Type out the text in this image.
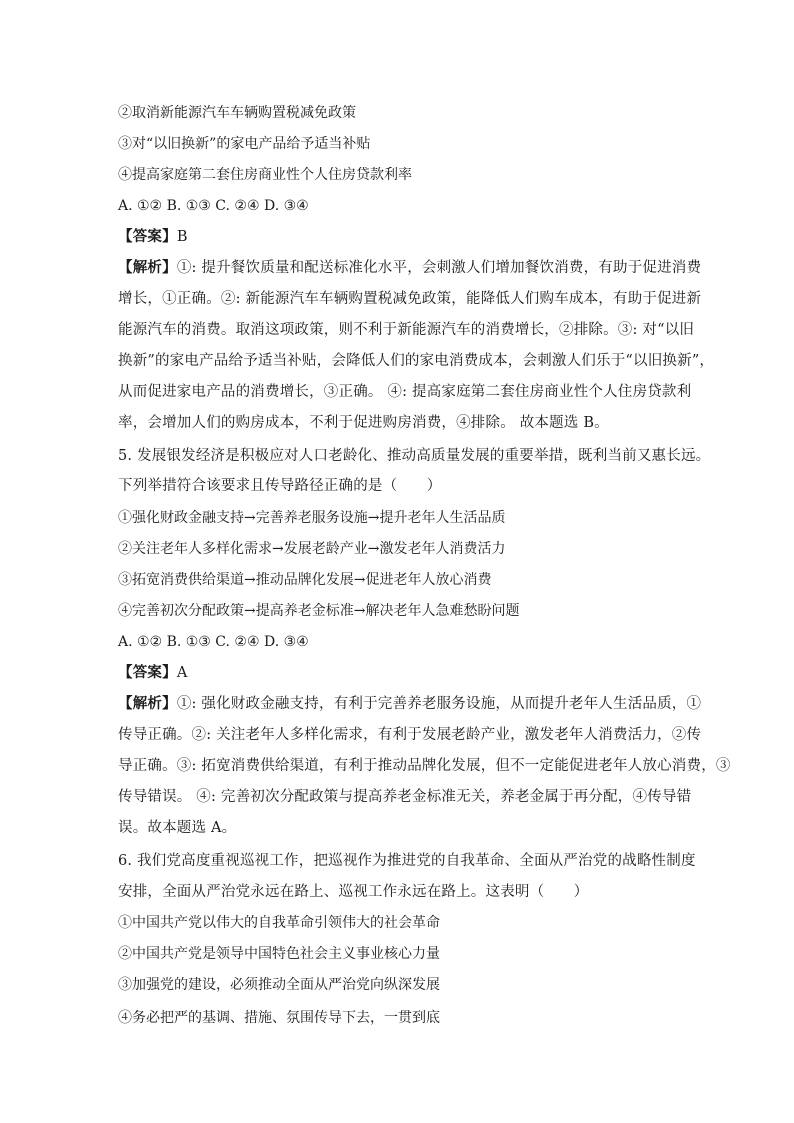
②取消新能源汽车车辆购置税减免政策
③对“以旧换新”的家电产品给予适当补贴
④提高家庭第二套住房商业性个人住房贷款利率
A. ①② B. ①③ C. ②④ D. ③④
【答案】B
【解析】①: 提升餐饮质量和配送标准化水平，会刺激人们增加餐饮消费，有助于促进消费
增长，①正确。②: 新能源汽车车辆购置税减免政策，能降低人们购车成本，有助于促进新
能源汽车的消费。取消这项政策，则不利于新能源汽车的消费增长，②排除。③: 对“以旧
换新”的家电产品给予适当补贴，会降低人们的家电消费成本，会刺激人们乐于“以旧换新”，
从而促进家电产品的消费增长，③正确。 ④: 提高家庭第二套住房商业性个人住房贷款利
率，会增加人们的购房成本，不利于促进购房消费，④排除。 故本题选 B。
5. 发展银发经济是积极应对人口老龄化、推动高质量发展的重要举措，既利当前又惠长远。
下列举措符合该要求且传导路径正确的是（　　）
①强化财政金融支持→完善养老服务设施→提升老年人生活品质
②关注老年人多样化需求→发展老龄产业→激发老年人消费活力
③拓宽消费供给渠道→推动品牌化发展→促进老年人放心消费
④完善初次分配政策→提高养老金标准→解决老年人急难愁盼问题
A. ①② B. ①③ C. ②④ D. ③④
【答案】A
【解析】①: 强化财政金融支持，有利于完善养老服务设施，从而提升老年人生活品质，①
传导正确。②: 关注老年人多样化需求，有利于发展老龄产业，激发老年人消费活力，②传
导正确。③: 拓宽消费供给渠道，有利于推动品牌化发展，但不一定能促进老年人放心消费，③
传导错误。 ④: 完善初次分配政策与提高养老金标准无关，养老金属于再分配，④传导错
误。故本题选 A。
6. 我们党高度重视巡视工作，把巡视作为推进党的自我革命、全面从严治党的战略性制度
安排，全面从严治党永远在路上、巡视工作永远在路上。这表明（　　）
①中国共产党以伟大的自我革命引领伟大的社会革命
②中国共产党是领导中国特色社会主义事业核心力量
③加强党的建设，必须推动全面从严治党向纵深发展
④务必把严的基调、措施、氛围传导下去，一贯到底
